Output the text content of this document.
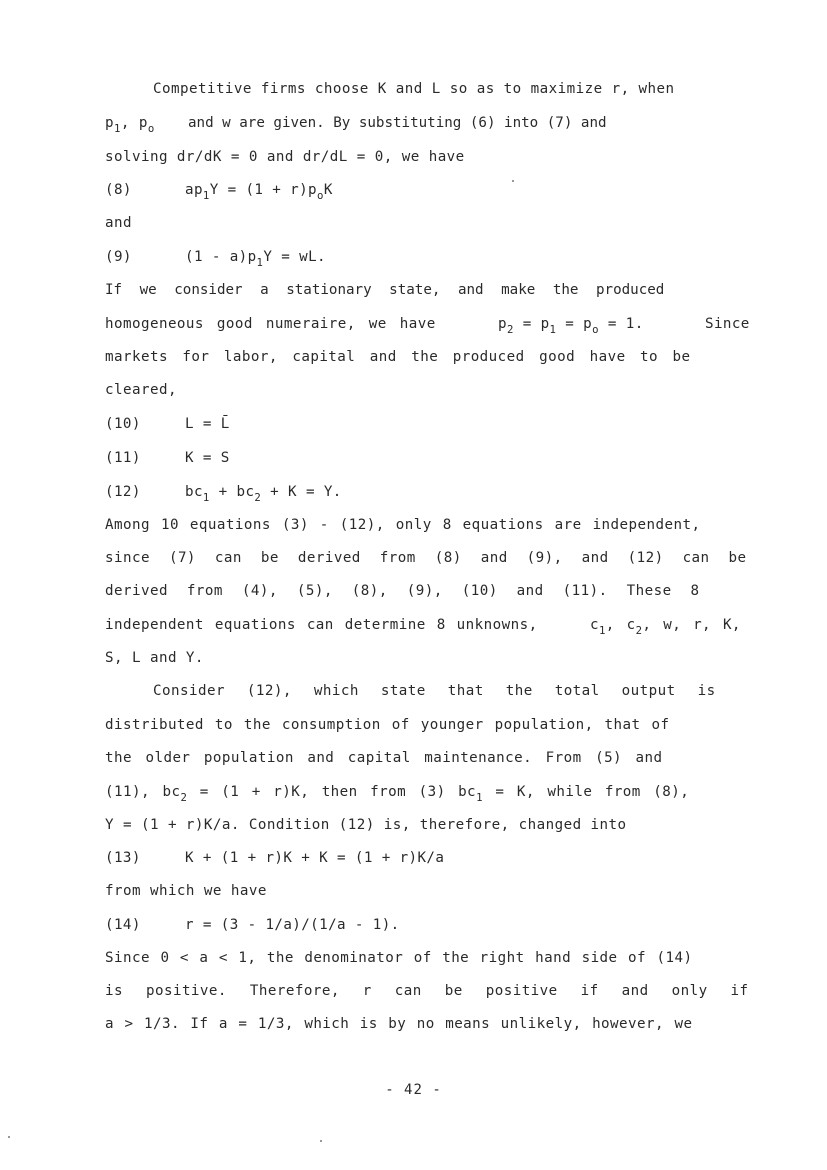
Competitive firms choose K and L so as to maximize r, when
$p_1$, $p_o$ and w are given. By substituting (6) into (7) and
solving dr/dK = 0 and dr/dL = 0, we have
(8)	$ap_1Y = (1 + r)p_oK$
and
(9)	$(1 - a)p_1Y$ = wL.
If we consider a stationary state, and make the produced
homogeneous good numeraire, we have	$p_2 = p_1 = p_o = 1$.	Since
markets for labor, capital and the produced good have to be
cleared,
(10)	L = L̄
(11)	K = S
(12)	$bc_1 + bc_2 + K = Y$.
Among 10 equations (3) - (12), only 8 equations are independent,
since (7) can be derived from (8) and (9), and (12) can be
derived from (4), (5), (8), (9), (10) and (11). These 8
independent equations can determine 8 unknowns,	$c_1$, $c_2$, w, r, K,
S, L and Y.
Consider (12), which state that the total output is
distributed to the consumption of younger population, that of
the older population and capital maintenance. From (5) and
(11), $bc_2 = (1 + r)K$, then from (3) $bc_1 = K$, while from (8),
Y = (1 + r)K/a. Condition (12) is, therefore, changed into
(13)	K + (1 + r)K + K = (1 + r)K/a
from which we have
(14)	r = (3 - 1/a)/(1/a - 1).
Since 0 < a < 1, the denominator of the right hand side of (14)
is positive. Therefore, r can be positive if and only if
a > 1/3. If a = 1/3, which is by no means unlikely, however, we
- 42 -
